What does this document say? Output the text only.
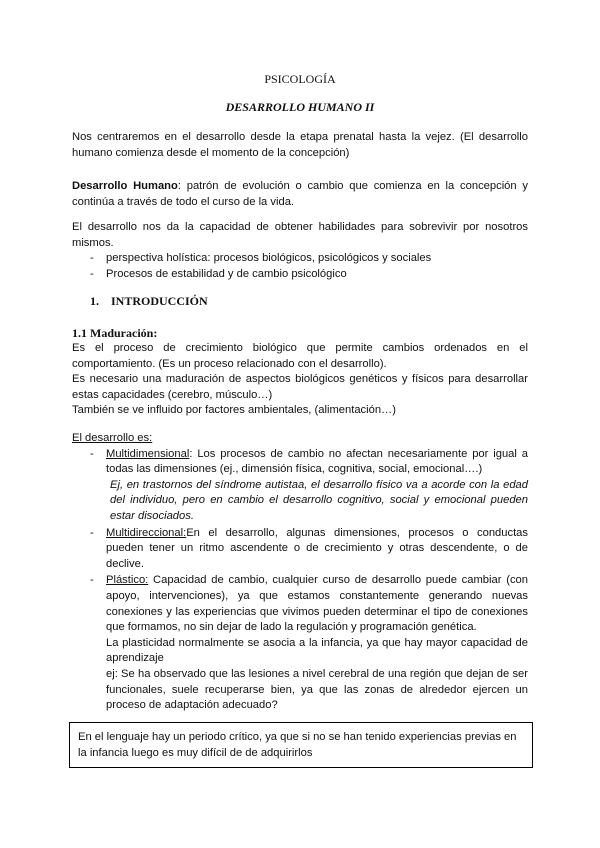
PSICOLOGÍA
DESARROLLO HUMANO II

Nos centraremos en el desarrollo desde la etapa prenatal hasta la vejez. (El desarrollo humano comienza desde el momento de la concepción)

Desarrollo Humano: patrón de evolución o cambio que comienza en la concepción y continúa a través de todo el curso de la vida.

El desarrollo nos da la capacidad de obtener habilidades para sobrevivir por nosotros mismos.

- perspectiva holística: procesos biológicos, psicológicos y sociales
- Procesos de estabilidad y de cambio psicológico
1. INTRODUCCIÓN
1.1 Maduración:

Es el proceso de crecimiento biológico que permite cambios ordenados en el comportamiento. (Es un proceso relacionado con el desarrollo).

Es necesario una maduración de aspectos biológicos genéticos y físicos para desarrollar estas capacidades (cerebro, músculo…)

También se ve influido por factores ambientales, (alimentación…)

El desarrollo es:

- Multidimensional: Los procesos de cambio no afectan necesariamente por igual a todas las dimensiones (ej., dimensión física, cognitiva, social, emocional….)

Ej, en trastornos del síndrome autistaa, el desarrollo físico va a acorde con la edad del individuo, pero en cambio el desarrollo cognitivo, social y emocional pueden estar disociados.

- Multidireccional:En el desarrollo, algunas dimensiones, procesos o conductas pueden tener un ritmo ascendente o de crecimiento y otras descendente, o de declive.
- Plástico: Capacidad de cambio, cualquier curso de desarrollo puede cambiar (con apoyo, intervenciones), ya que estamos constantemente generando nuevas conexiones y las experiencias que vivimos pueden determinar el tipo de conexiones que formamos, no sin dejar de lado la regulación y programación genética.

La plasticidad normalmente se asocia a la infancia, ya que hay mayor capacidad de aprendizaje

ej: Se ha observado que las lesiones a nivel cerebral de una región que dejan de ser funcionales, suele recuperarse bien, ya que las zonas de alrededor ejercen un proceso de adaptación adecuado?

En el lenguaje hay un periodo crítico, ya que si no se han tenido experiencias previas en la infancia luego es muy difícil de de adquirirlos
